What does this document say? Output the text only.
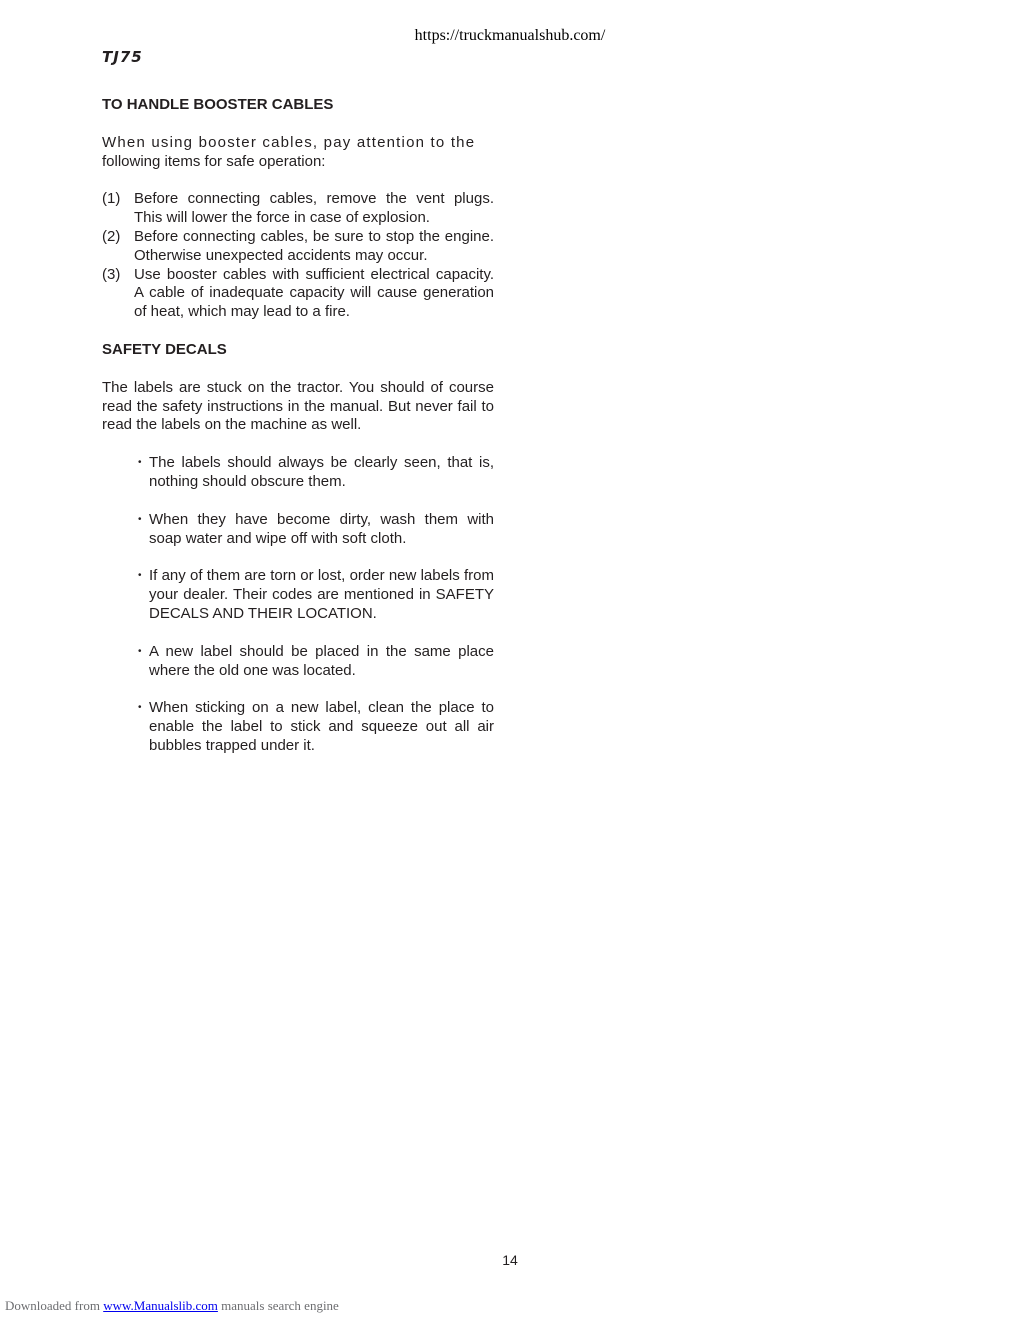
https://truckmanualshub.com/
TJ75

TO HANDLE BOOSTER CABLES

When using booster cables, pay attention to the

following items for safe operation:

(1) Before connecting cables, remove the vent plugs. This will lower the force in case of explosion.
(2) Before connecting cables, be sure to stop the engine. Otherwise unexpected accidents may occur.
(3) Use booster cables with sufficient electrical capacity. A cable of inadequate capacity will cause generation of heat, which may lead to a fire.

SAFETY DECALS

The labels are stuck on the tractor. You should of course read the safety instructions in the manual. But never fail to read the labels on the machine as well.

• The labels should always be clearly seen, that is, nothing should obscure them.
• When they have become dirty, wash them with soap water and wipe off with soft cloth.
• If any of them are torn or lost, order new labels from your dealer. Their codes are mentioned in SAFETY DECALS AND THEIR LOCATION.
• A new label should be placed in the same place where the old one was located.
• When sticking on a new label, clean the place to enable the label to stick and squeeze out all air bubbles trapped under it.
14
Downloaded from www.Manualslib.com manuals search engine
